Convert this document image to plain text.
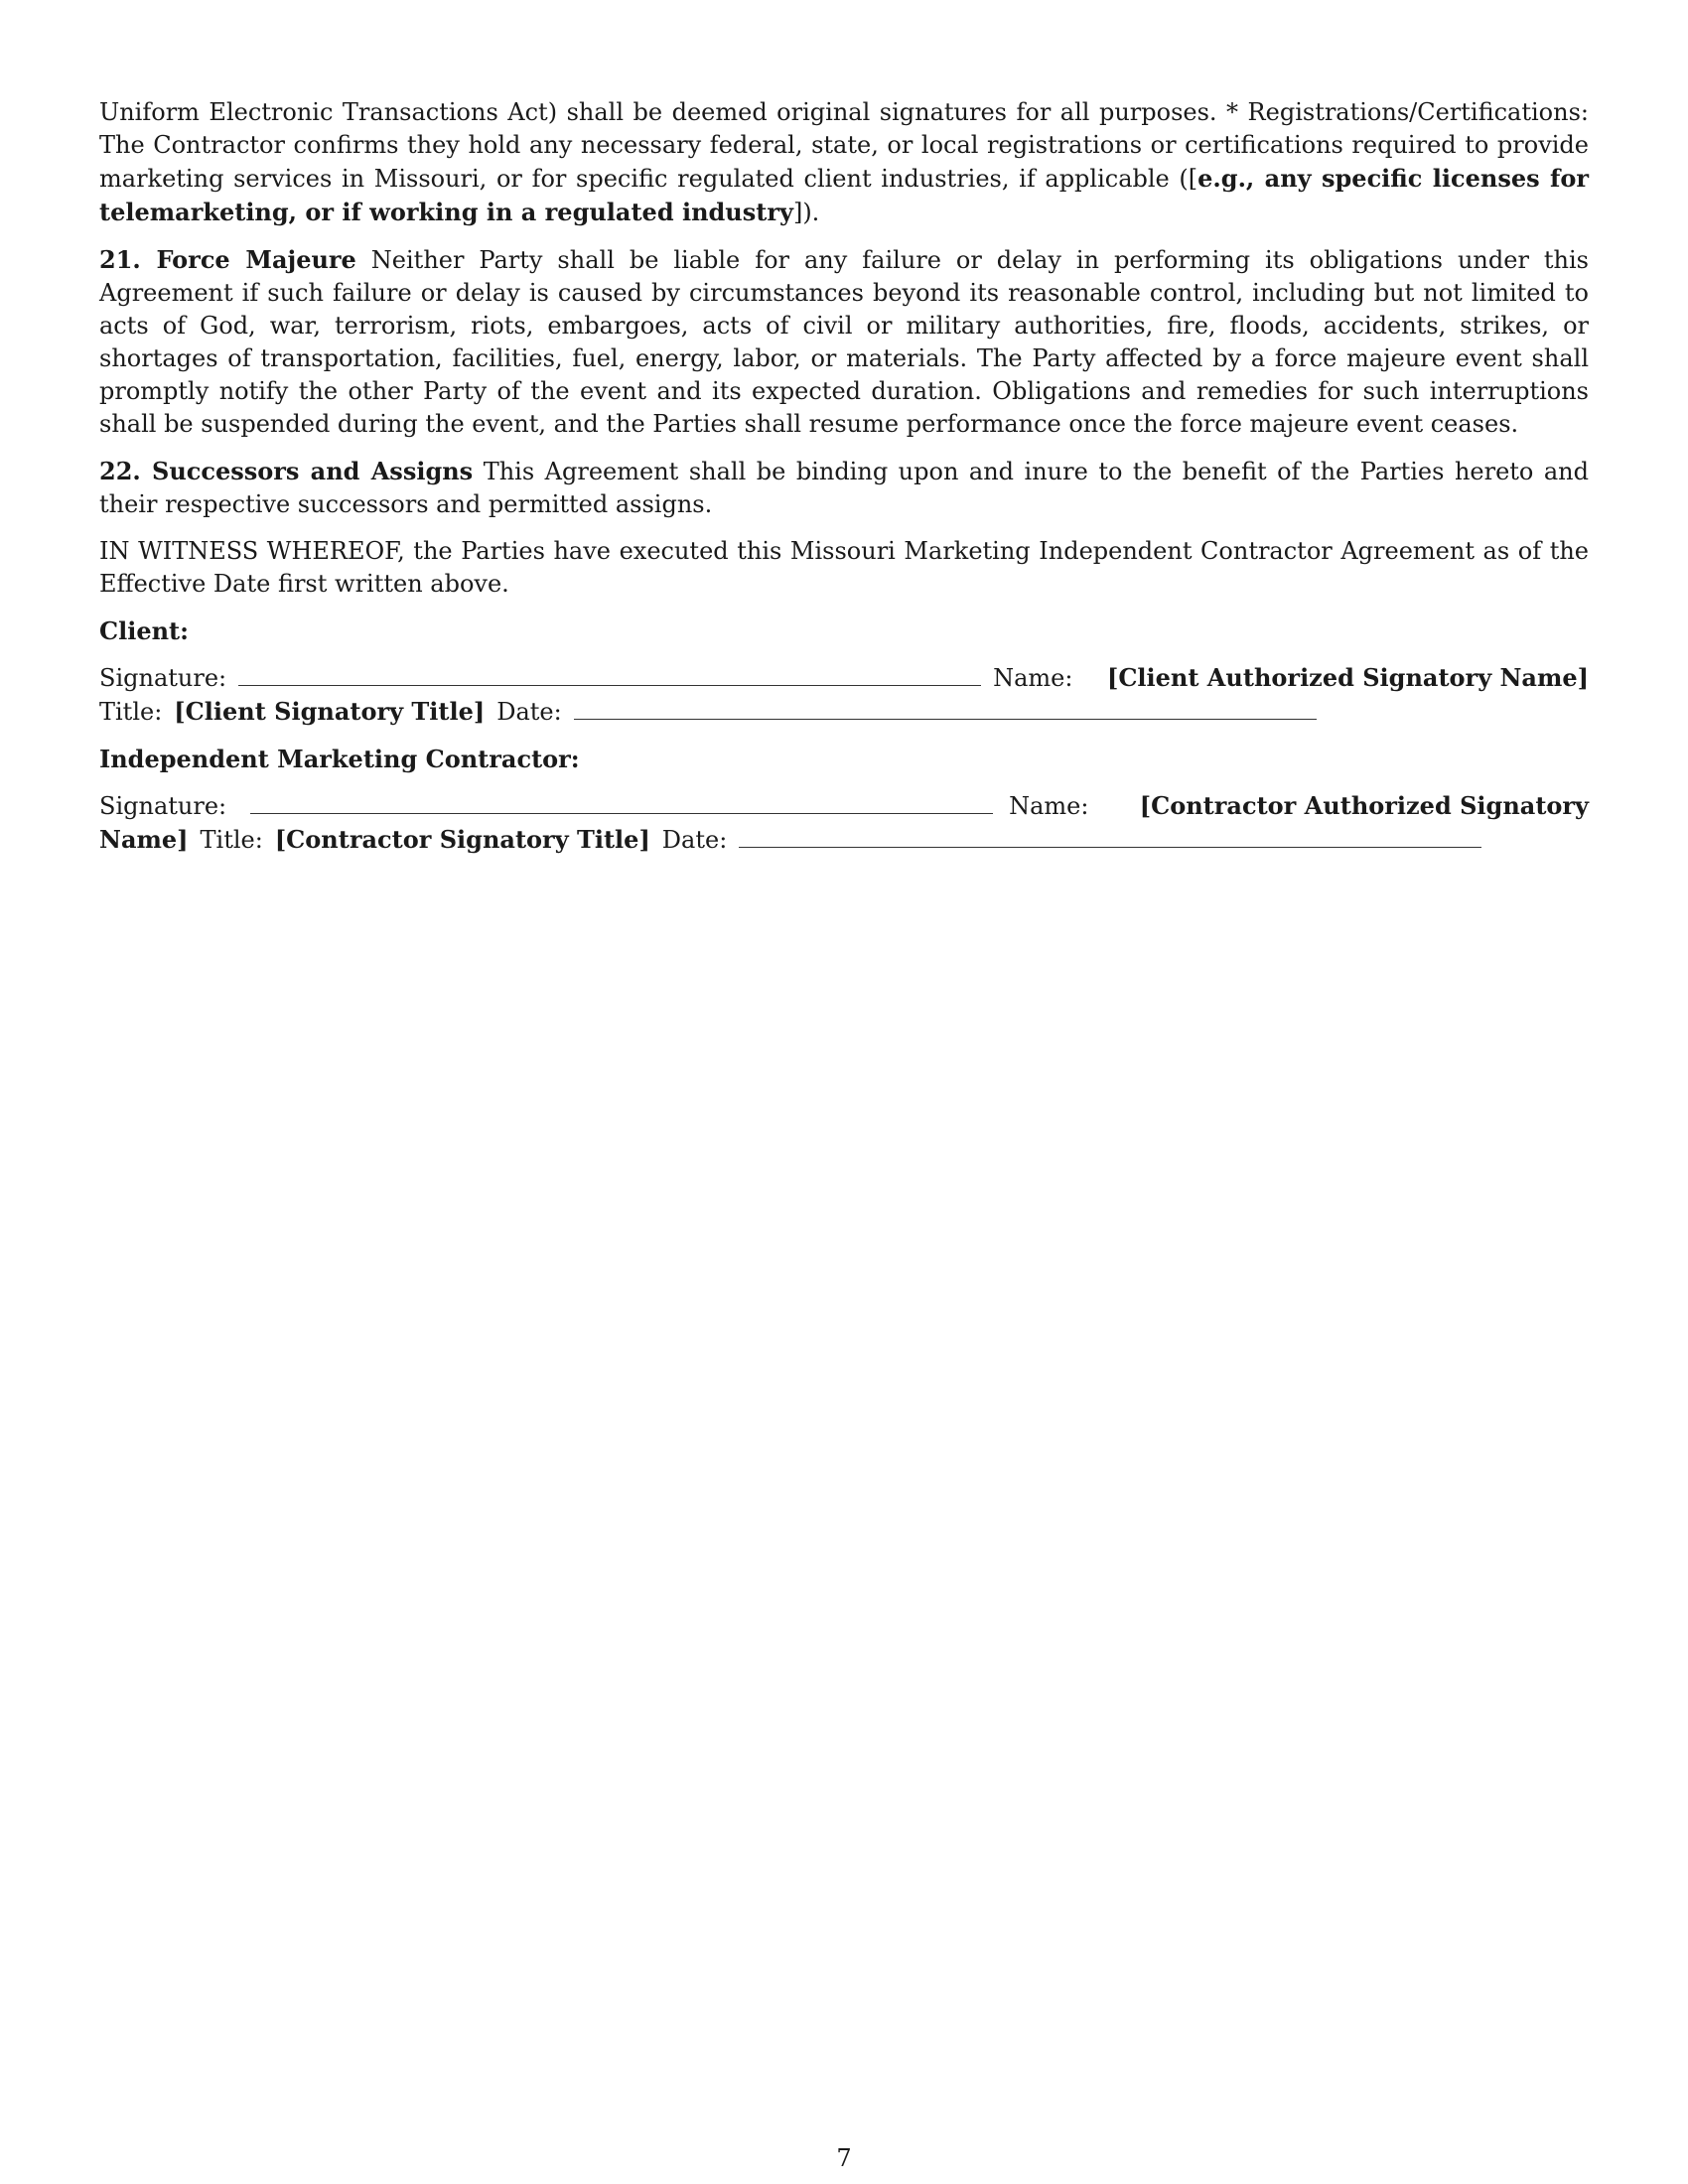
Uniform Electronic Transactions Act) shall be deemed original signatures for all purposes. * Registrations/Certifications: The Contractor confirms they hold any necessary federal, state, or local registrations or certifications required to provide marketing services in Missouri, or for specific regulated client industries, if applicable ([e.g., any specific licenses for telemarketing, or if working in a regulated industry]).

21. Force Majeure Neither Party shall be liable for any failure or delay in performing its obligations under this Agreement if such failure or delay is caused by circumstances beyond its reasonable control, including but not limited to acts of God, war, terrorism, riots, embargoes, acts of civil or military authorities, fire, floods, accidents, strikes, or shortages of transportation, facilities, fuel, energy, labor, or materials. The Party affected by a force majeure event shall promptly notify the other Party of the event and its expected duration. Obligations and remedies for such interruptions shall be suspended during the event, and the Parties shall resume performance once the force majeure event ceases.

22. Successors and Assigns This Agreement shall be binding upon and inure to the benefit of the Parties hereto and their respective successors and permitted assigns.

IN WITNESS WHEREOF, the Parties have executed this Missouri Marketing Independent Contractor Agreement as of the Effective Date first written above.

Client:
Signature:	Name: [Client Authorized Signatory Name]
Title: [Client Signatory Title] Date:
Independent Marketing Contractor:
Signature:	Name: [Contractor Authorized Signatory
Name] Title: [Contractor Signatory Title] Date:
7
